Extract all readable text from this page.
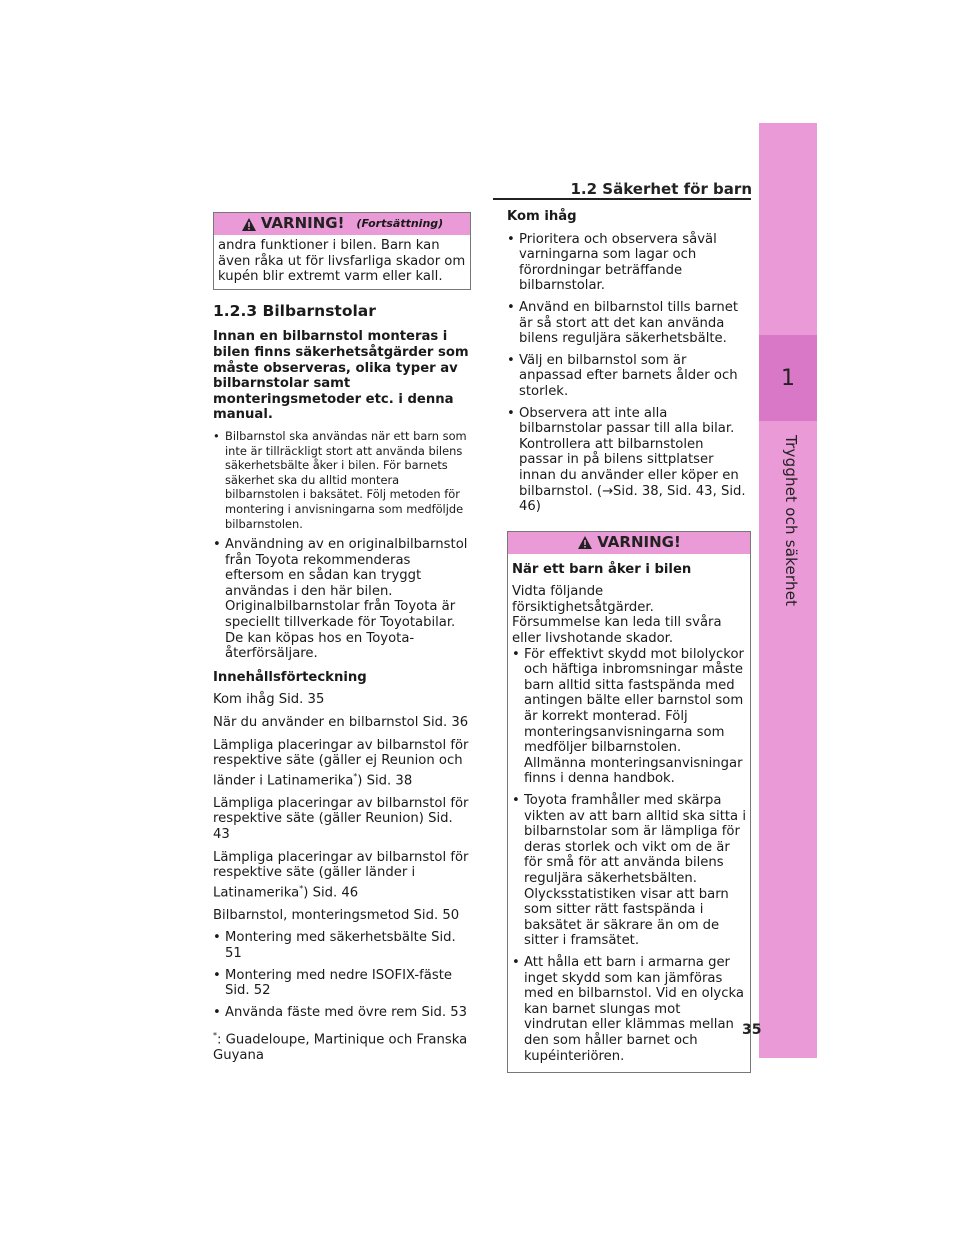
1.2 Säkerhet för barn
1
Trygghet och säkerhet
VARNING! (Fortsättning)
andra funktioner i bilen. Barn kan även råka ut för livsfarliga skador om kupén blir extremt varm eller kall.
1.2.3 Bilbarnstolar

Innan en bilbarnstol monteras i bilen finns säkerhetsåtgärder som måste observeras, olika typer av bilbarnstolar samt monteringsmetoder etc. i denna manual.

• Bilbarnstol ska användas när ett barn som inte är tillräckligt stort att använda bilens säkerhetsbälte åker i bilen. För barnets säkerhet ska du alltid montera bilbarnstolen i baksätet. Följ metoden för montering i anvisningarna som medföljde bilbarnstolen.
• Användning av en originalbilbarnstol från Toyota rekommenderas eftersom en sådan kan tryggt användas i den här bilen. Originalbilbarnstolar från Toyota är speciellt tillverkade för Toyotabilar. De kan köpas hos en Toyota-återförsäljare.

Innehållsförteckning

Kom ihåg Sid. 35

När du använder en bilbarnstol Sid. 36

Lämpliga placeringar av bilbarnstol för respektive säte (gäller ej Reunion och länder i Latinamerika*) Sid. 38

Lämpliga placeringar av bilbarnstol för respektive säte (gäller Reunion) Sid. 43

Lämpliga placeringar av bilbarnstol för respektive säte (gäller länder i Latinamerika*) Sid. 46

Bilbarnstol, monteringsmetod Sid. 50

• Montering med säkerhetsbälte Sid. 51
• Montering med nedre ISOFIX-fäste Sid. 52
• Använda fäste med övre rem Sid. 53

*: Guadeloupe, Martinique och Franska Guyana

Kom ihåg

• Prioritera och observera såväl varningarna som lagar och förordningar beträffande bilbarnstolar.
• Använd en bilbarnstol tills barnet är så stort att det kan använda bilens reguljära säkerhetsbälte.
• Välj en bilbarnstol som är anpassad efter barnets ålder och storlek.
• Observera att inte alla bilbarnstolar passar till alla bilar. Kontrollera att bilbarnstolen passar in på bilens sittplatser innan du använder eller köper en bilbarnstol. (→Sid. 38, Sid. 43, Sid. 46)
VARNING!

När ett barn åker i bilen

Vidta följande försiktighetsåtgärder. Försummelse kan leda till svåra eller livshotande skador.

• För effektivt skydd mot bilolyckor och häftiga inbromsningar måste barn alltid sitta fastspända med antingen bälte eller barnstol som är korrekt monterad. Följ monteringsanvisningarna som medföljer bilbarnstolen. Allmänna monteringsanvisningar finns i denna handbok.
• Toyota framhåller med skärpa vikten av att barn alltid ska sitta i bilbarnstolar som är lämpliga för deras storlek och vikt om de är för små för att använda bilens reguljära säkerhetsbälten. Olycksstatistiken visar att barn som sitter rätt fastspända i baksätet är säkrare än om de sitter i framsätet.
• Att hålla ett barn i armarna ger inget skydd som kan jämföras med en bilbarnstol. Vid en olycka kan barnet slungas mot vindrutan eller klämmas mellan den som håller barnet och kupéinteriören.
35
